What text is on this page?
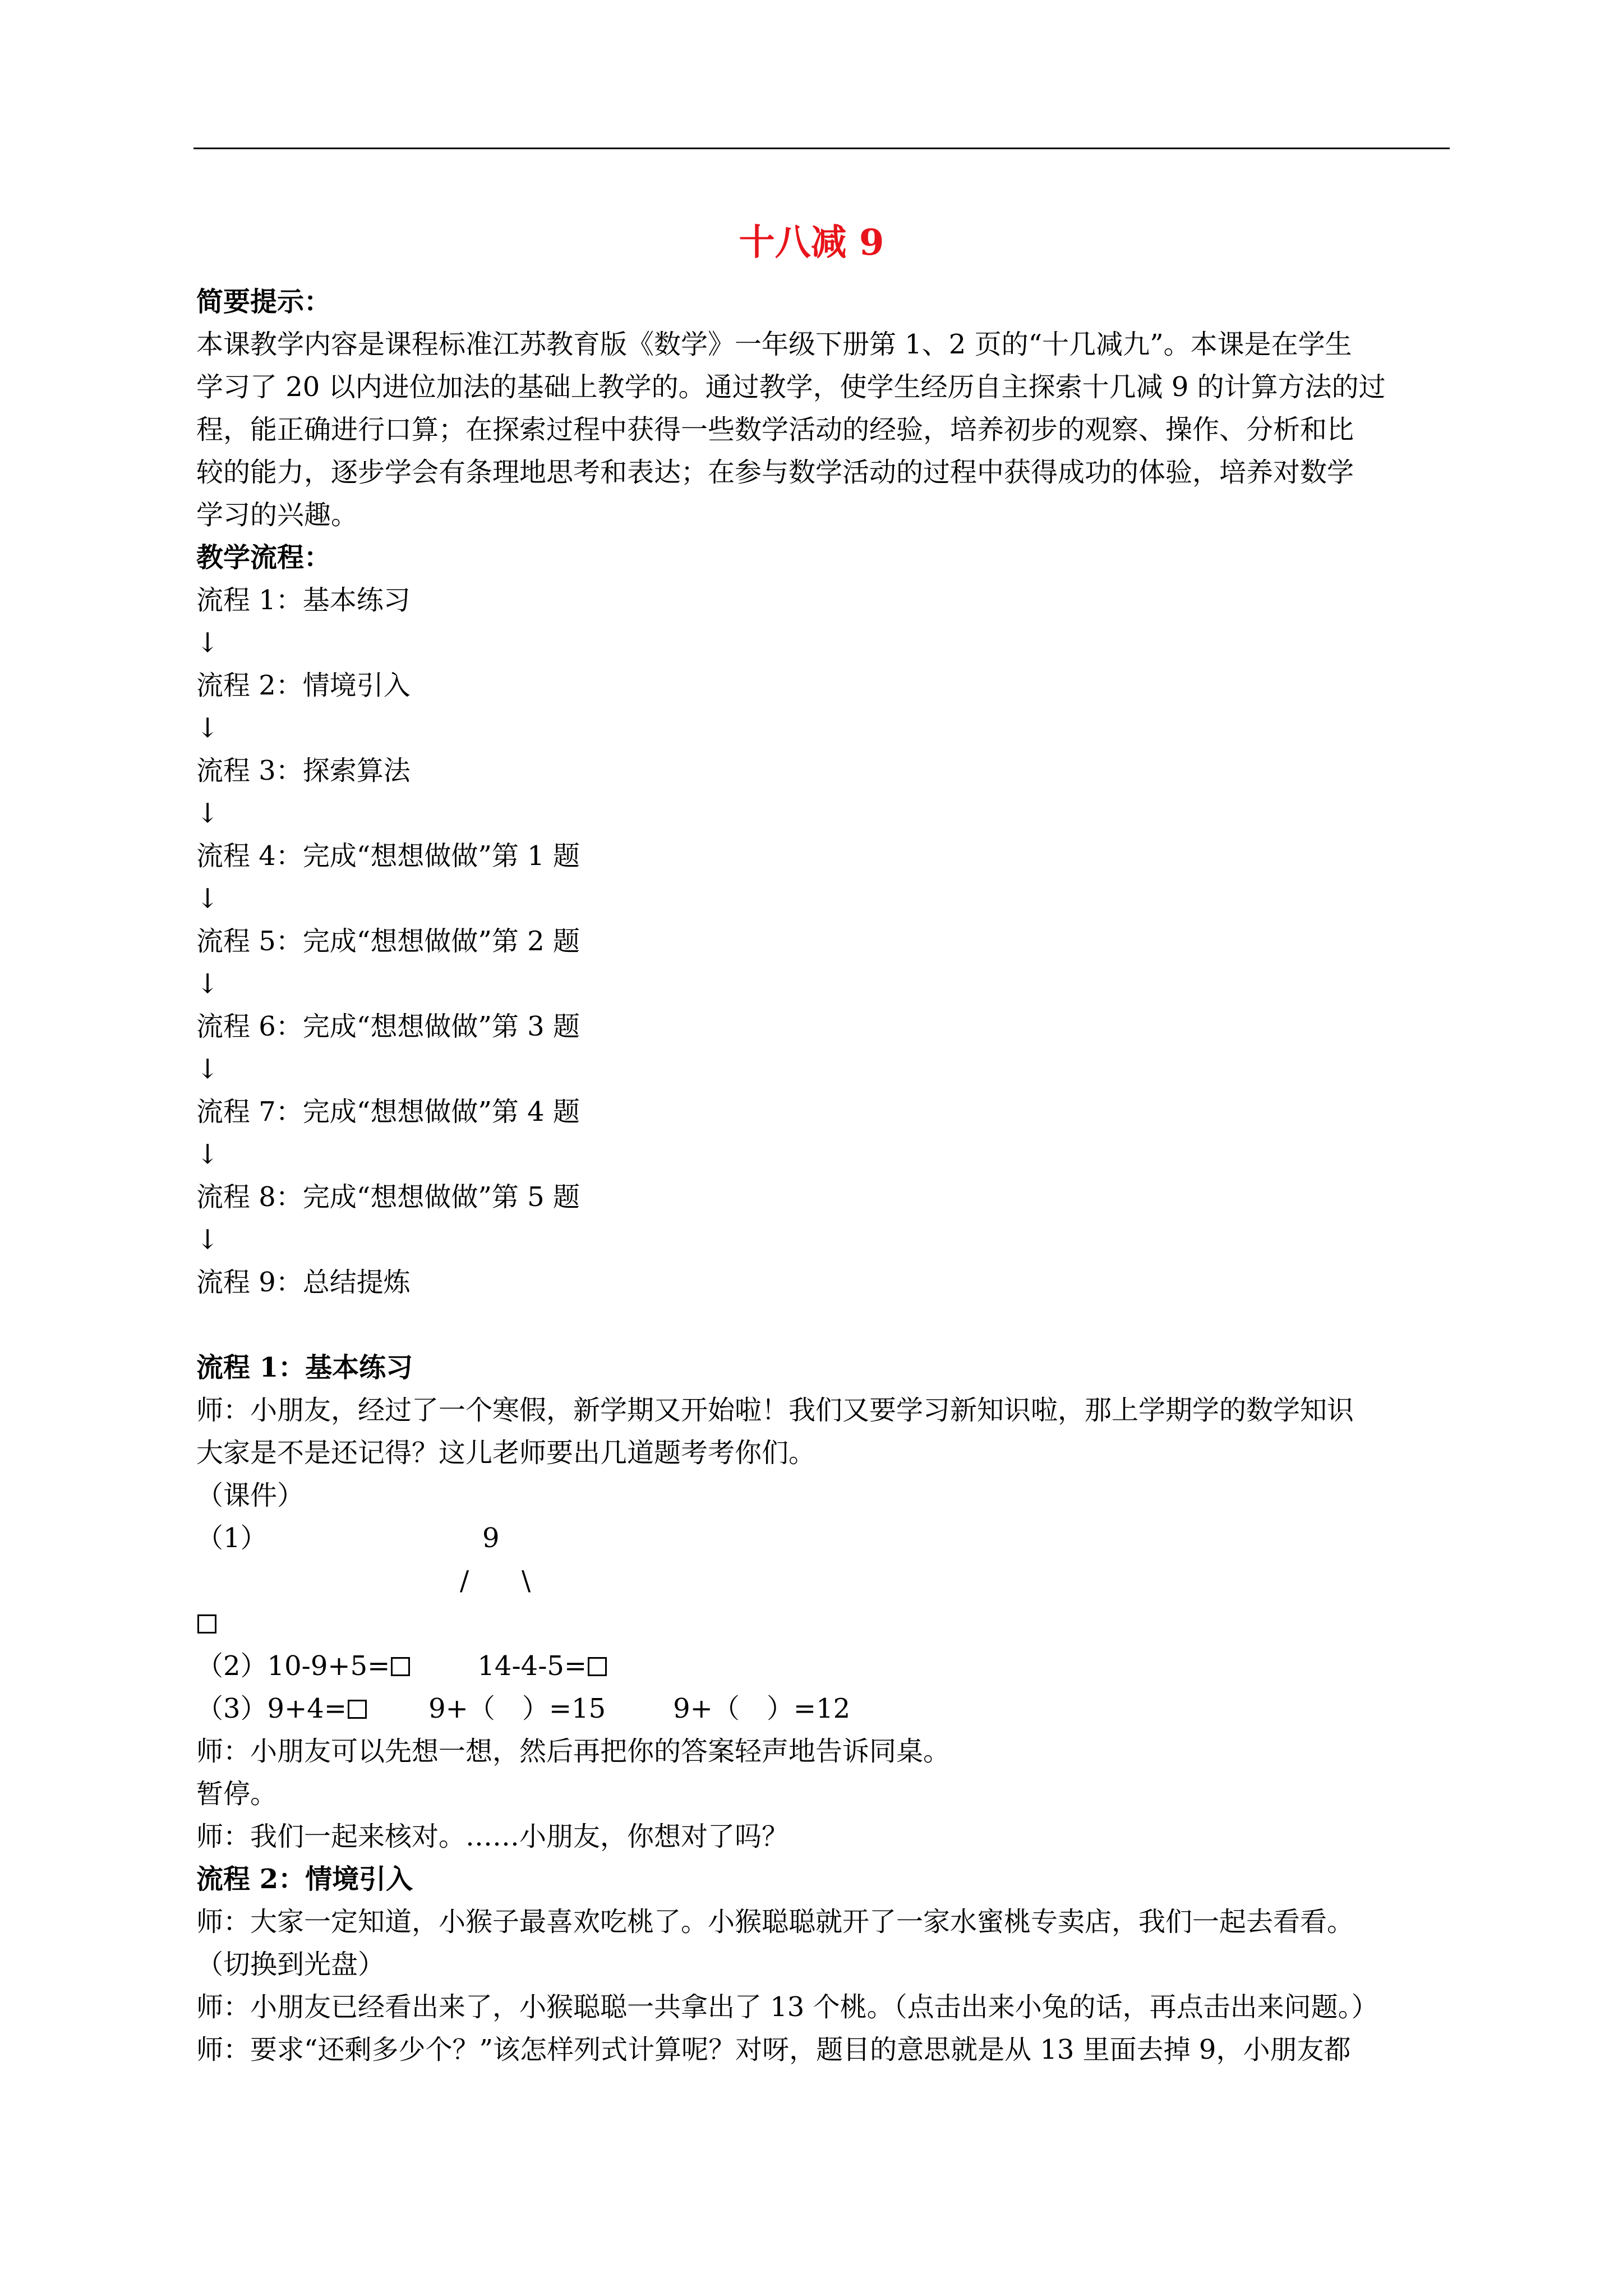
十八减 9
简要提示：
本课教学内容是课程标准江苏教育版《数学》一年级下册第 1、2 页的“十几减九”。本课是在学生
学习了 20 以内进位加法的基础上教学的。通过教学，使学生经历自主探索十几减 9 的计算方法的过
程，能正确进行口算；在探索过程中获得一些数学活动的经验，培养初步的观察、操作、分析和比
较的能力，逐步学会有条理地思考和表达；在参与数学活动的过程中获得成功的体验，培养对数学
学习的兴趣。
教学流程：
流程 1：基本练习
↓
流程 2：情境引入
↓
流程 3：探索算法
↓
流程 4：完成“想想做做”第 1 题
↓
流程 5：完成“想想做做”第 2 题
↓
流程 6：完成“想想做做”第 3 题
↓
流程 7：完成“想想做做”第 4 题
↓
流程 8：完成“想想做做”第 5 题
↓
流程 9：总结提炼
流程 1：基本练习
师：小朋友，经过了一个寒假，新学期又开始啦！我们又要学习新知识啦，那上学期学的数学知识
大家是不是还记得？这儿老师要出几道题考考你们。
（课件）
（1）	9
/ \
（2）10-9+5=	14-4-5=
（3）9+4=	9+（　）=15	9+（　）=12
师：小朋友可以先想一想，然后再把你的答案轻声地告诉同桌。
暂停。
师：我们一起来核对。……小朋友，你想对了吗？
流程 2：情境引入
师：大家一定知道，小猴子最喜欢吃桃了。小猴聪聪就开了一家水蜜桃专卖店，我们一起去看看。
（切换到光盘）
师：小朋友已经看出来了，小猴聪聪一共拿出了 13 个桃。（点击出来小兔的话，再点击出来问题。）
师：要求“还剩多少个？”该怎样列式计算呢？对呀，题目的意思就是从 13 里面去掉 9，小朋友都
